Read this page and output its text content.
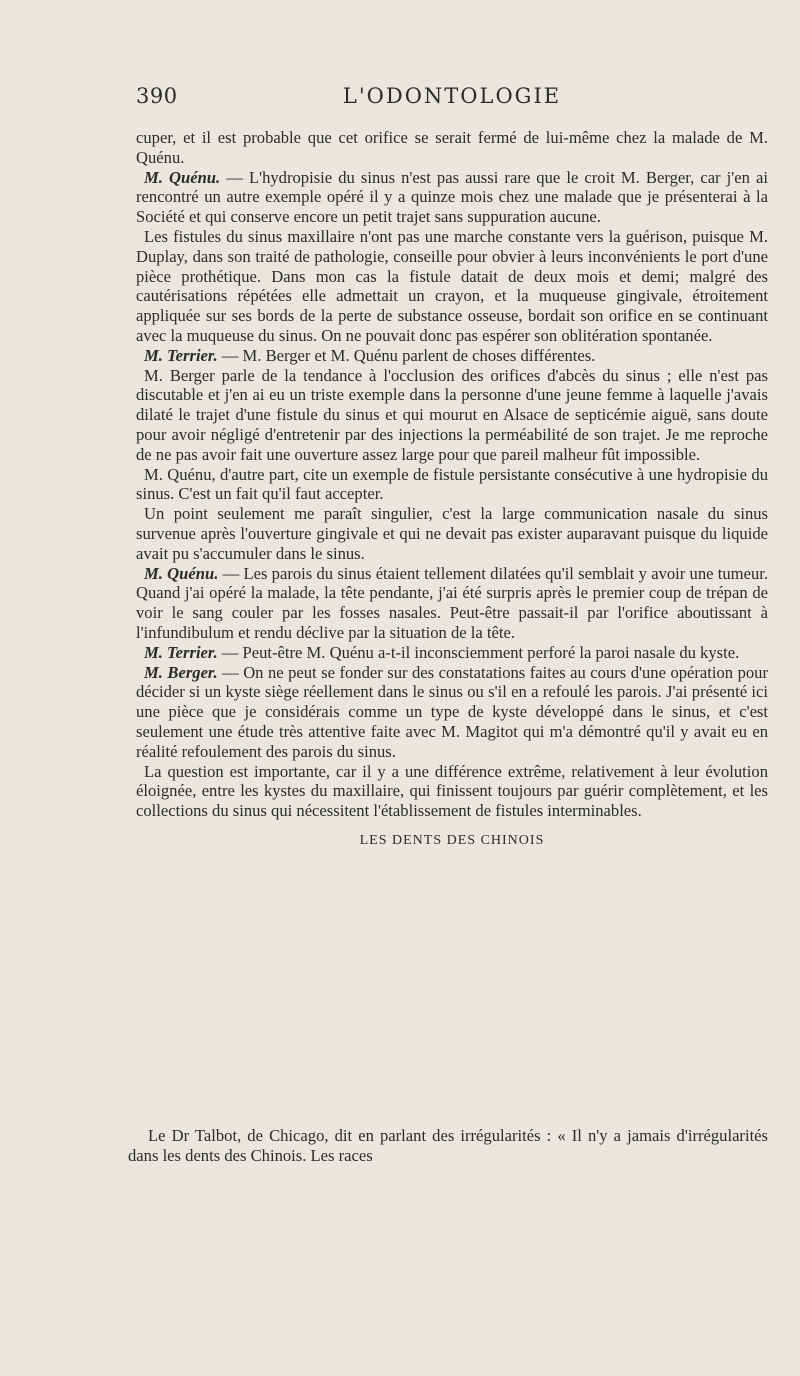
390	L'ODONTOLOGIE

cuper, et il est probable que cet orifice se serait fermé de lui-même chez la malade de M. Quénu.

M. Quénu. — L'hydropisie du sinus n'est pas aussi rare que le croit M. Berger, car j'en ai rencontré un autre exemple opéré il y a quinze mois chez une malade que je présenterai à la Société et qui conserve encore un petit trajet sans suppuration aucune.

Les fistules du sinus maxillaire n'ont pas une marche constante vers la guérison, puisque M. Duplay, dans son traité de pathologie, conseille pour obvier à leurs inconvénients le port d'une pièce prothétique. Dans mon cas la fistule datait de deux mois et demi; malgré des cautérisations répétées elle admettait un crayon, et la muqueuse gingivale, étroitement appliquée sur ses bords de la perte de substance osseuse, bordait son orifice en se continuant avec la muqueuse du sinus. On ne pouvait donc pas espérer son oblitération spontanée.

M. Terrier. — M. Berger et M. Quénu parlent de choses différentes.

M. Berger parle de la tendance à l'occlusion des orifices d'abcès du sinus ; elle n'est pas discutable et j'en ai eu un triste exemple dans la personne d'une jeune femme à laquelle j'avais dilaté le trajet d'une fistule du sinus et qui mourut en Alsace de septicémie aiguë, sans doute pour avoir négligé d'entretenir par des injections la perméabilité de son trajet. Je me reproche de ne pas avoir fait une ouverture assez large pour que pareil malheur fût impossible.

M. Quénu, d'autre part, cite un exemple de fistule persistante consécutive à une hydropisie du sinus. C'est un fait qu'il faut accepter.

Un point seulement me paraît singulier, c'est la large communication nasale du sinus survenue après l'ouverture gingivale et qui ne devait pas exister auparavant puisque du liquide avait pu s'accumuler dans le sinus.

M. Quénu. — Les parois du sinus étaient tellement dilatées qu'il semblait y avoir une tumeur. Quand j'ai opéré la malade, la tête pendante, j'ai été surpris après le premier coup de trépan de voir le sang couler par les fosses nasales. Peut-être passait-il par l'orifice aboutissant à l'infundibulum et rendu déclive par la situation de la tête.

M. Terrier. — Peut-être M. Quénu a-t-il inconsciemment perforé la paroi nasale du kyste.

M. Berger. — On ne peut se fonder sur des constatations faites au cours d'une opération pour décider si un kyste siège réellement dans le sinus ou s'il en a refoulé les parois. J'ai présenté ici une pièce que je considérais comme un type de kyste développé dans le sinus, et c'est seulement une étude très attentive faite avec M. Magitot qui m'a démontré qu'il y avait eu en réalité refoulement des parois du sinus.

La question est importante, car il y a une différence extrême, relativement à leur évolution éloignée, entre les kystes du maxillaire, qui finissent toujours par guérir complètement, et les collections du sinus qui nécessitent l'établissement de fistules interminables.

LES DENTS DES CHINOIS

Le Dr Talbot, de Chicago, dit en parlant des irrégularités : « Il n'y a jamais d'irrégularités dans les dents des Chinois. Les races
